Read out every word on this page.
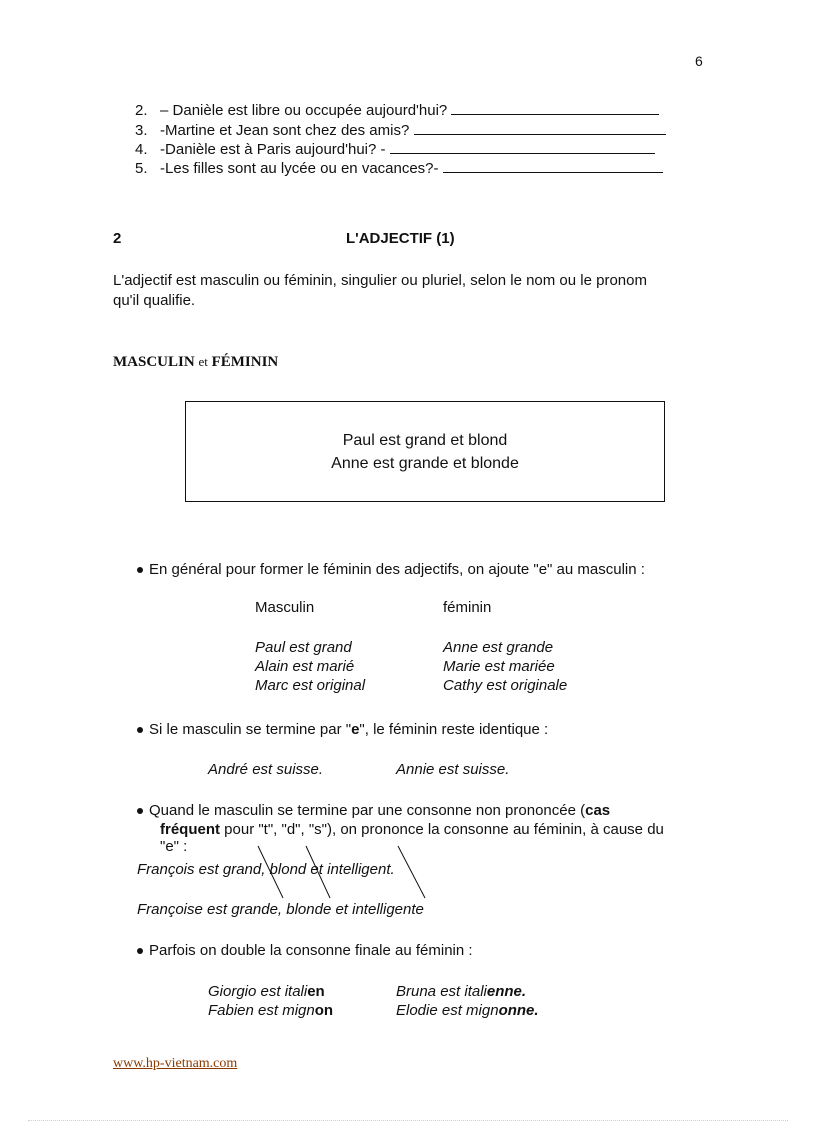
6
2. – Danièle est libre ou occupée aujourd'hui?
3. -Martine et Jean sont chez des amis?
4. -Danièle est à Paris aujourd'hui? -
5. -Les filles sont au lycée ou en vacances?-
2	L'ADJECTIF (1)
L'adjectif est masculin ou féminin, singulier ou pluriel, selon le nom ou le pronom
qu'il qualifie.
MASCULIN et FÉMININ
Paul est grand et blond
Anne est grande et blonde
En général pour former le féminin des adjectifs, on ajoute "e" au masculin :
Masculin	féminin
Paul est grand	Anne est grande
Alain est marié	Marie est mariée
Marc est original	Cathy est originale
Si le masculin se termine par "e", le féminin reste identique :
André est suisse.	Annie est suisse.
Quand le masculin se termine par une consonne non prononcée (cas
fréquent pour "t", "d", "s"), on prononce la consonne au féminin, à cause du
"e" :
François est grand, blond et intelligent.
Françoise est grande, blonde et intelligente
Parfois on double la consonne finale au féminin :
Giorgio est italien	Bruna est italienne.
Fabien est mignon	Elodie est mignonne.
www.hp-vietnam.com
